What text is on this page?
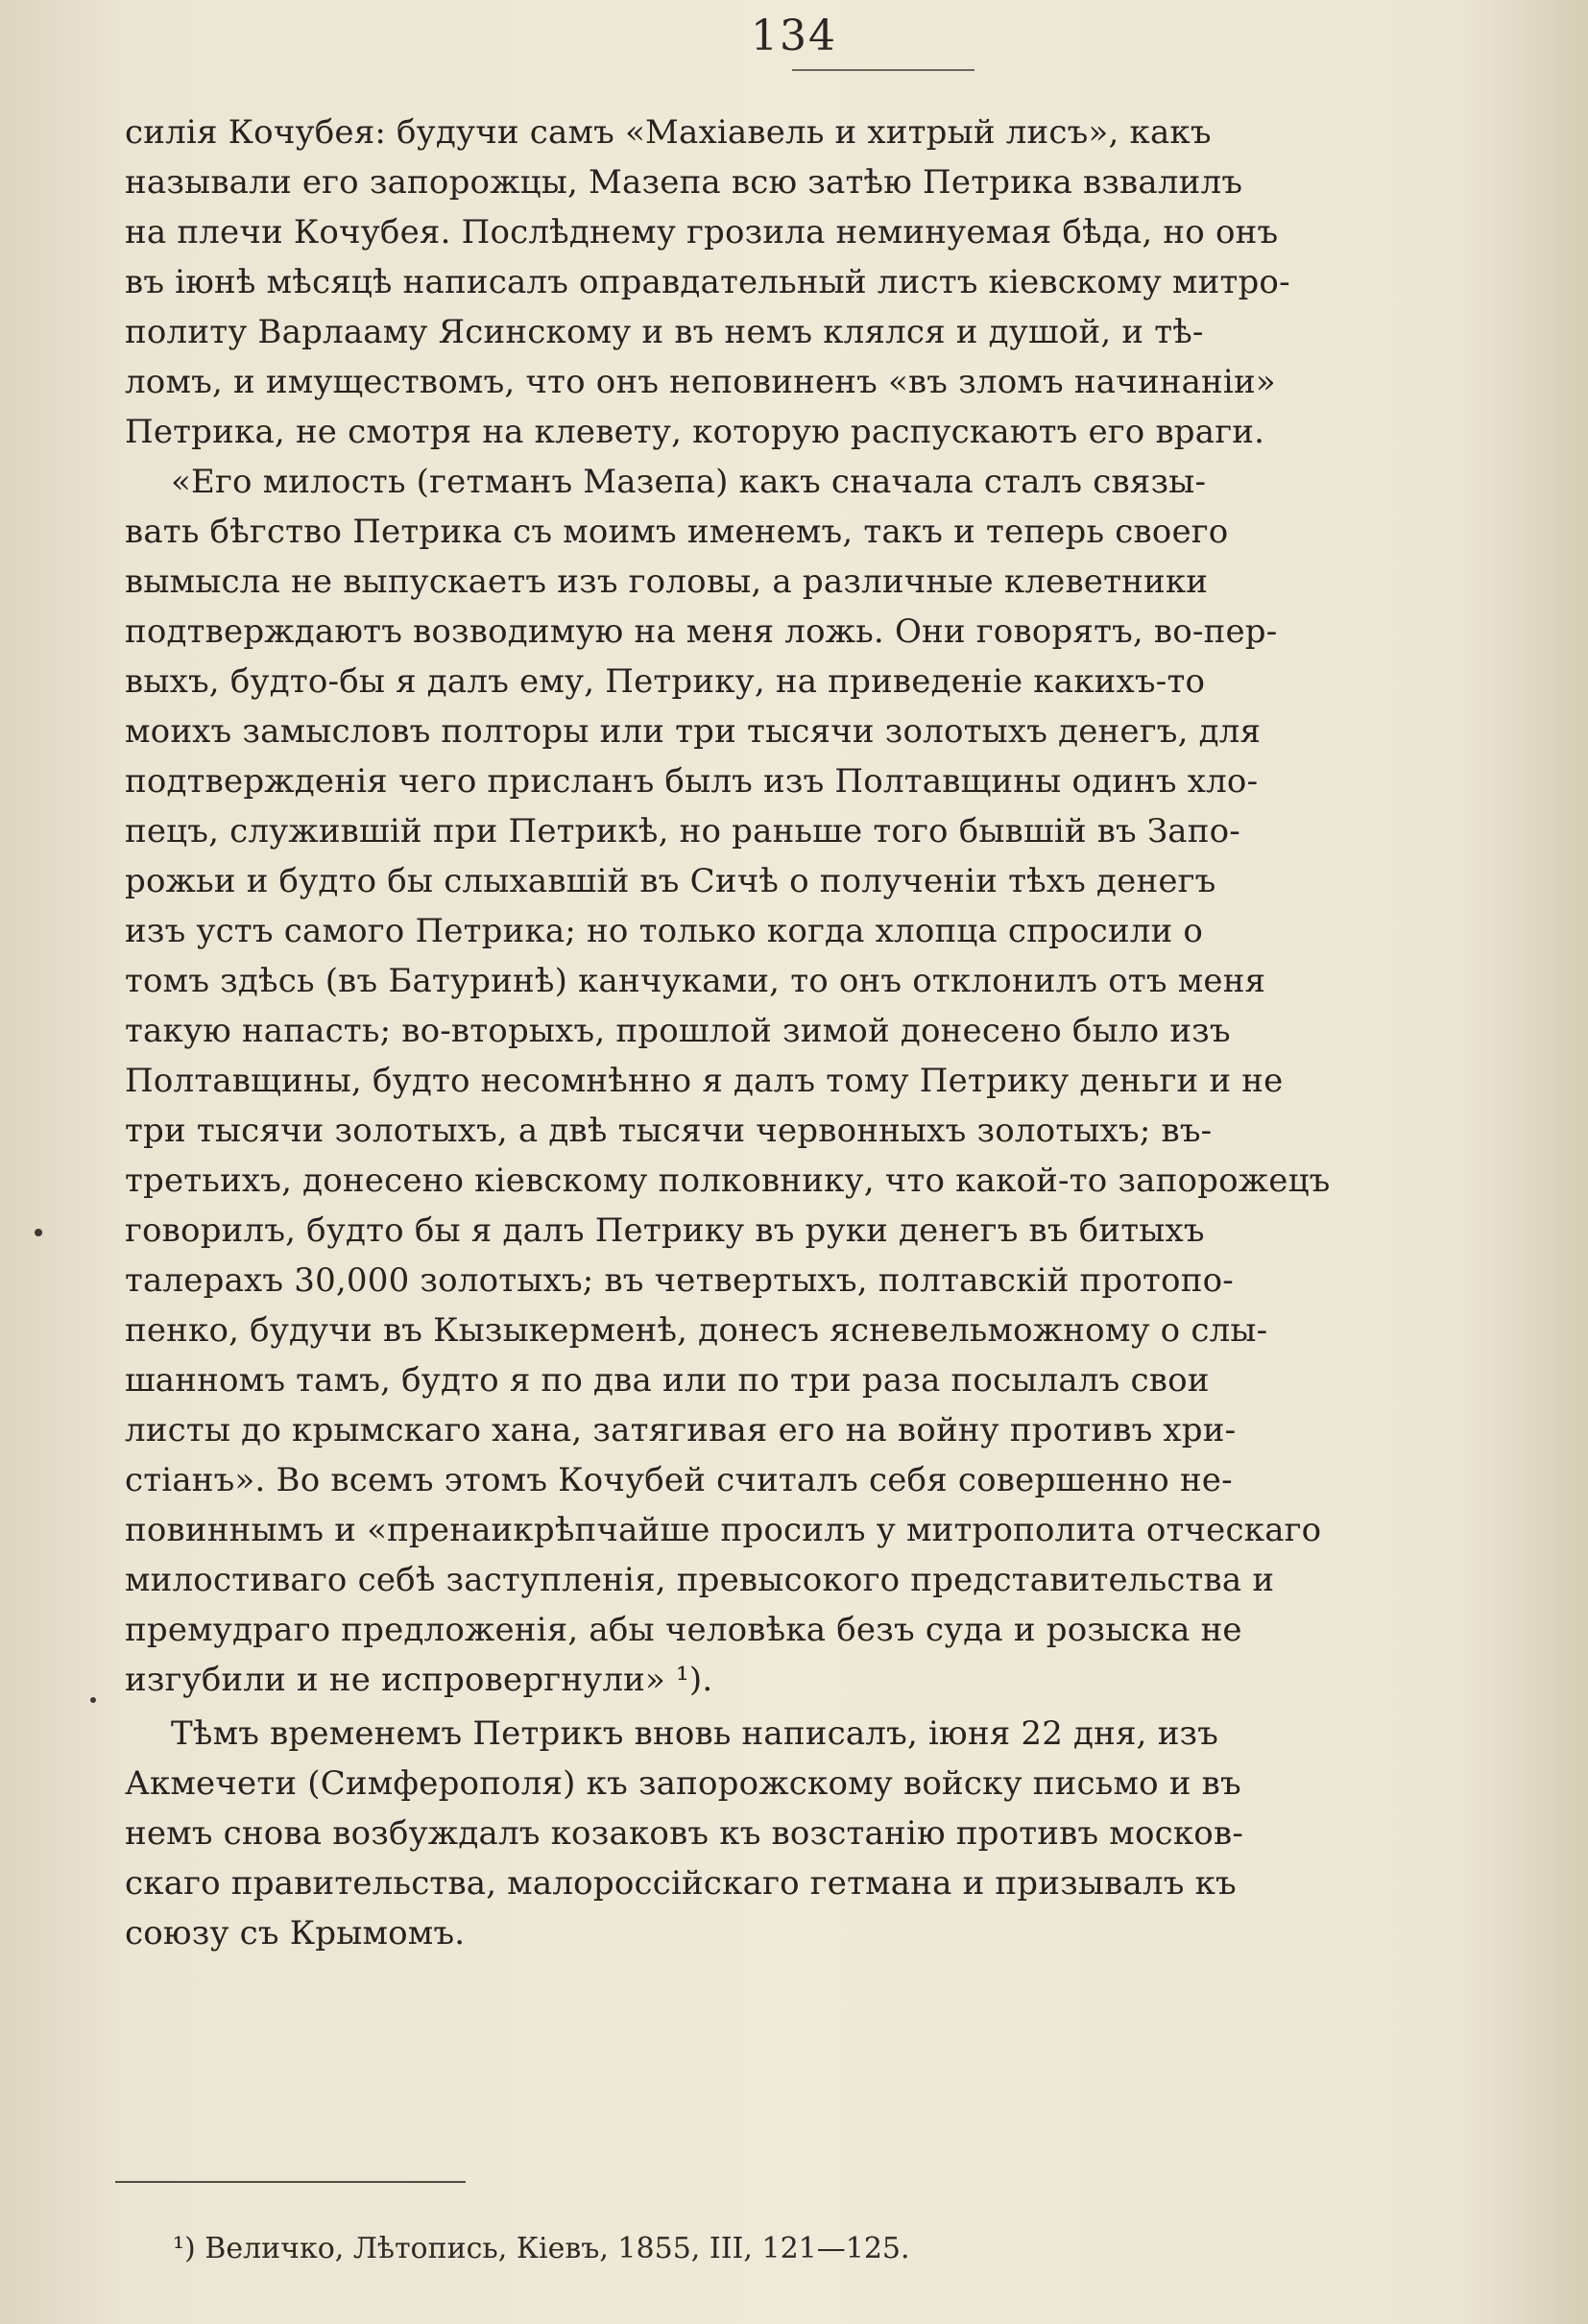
134
силія Кочубея: будучи самъ «Махіавель и хитрый лисъ», какъ
называли его запорожцы, Мазепа всю затѣю Петрика взвалилъ
на плечи Кочубея. Послѣднему грозила неминуемая бѣда, но онъ
въ іюнѣ мѣсяцѣ написалъ оправдательный листъ кіевскому митро-
политу Варлааму Ясинскому и въ немъ клялся и душой, и тѣ-
ломъ, и имуществомъ, что онъ неповиненъ «въ зломъ начинаніи»
Петрика, не смотря на клевету, которую распускаютъ его враги.
«Его милость (гетманъ Мазепа) какъ сначала сталъ связы-
вать бѣгство Петрика съ моимъ именемъ, такъ и теперь своего
вымысла не выпускаетъ изъ головы, а различные клеветники
подтверждаютъ возводимую на меня ложь. Они говорятъ, во-пер-
выхъ, будто-бы я далъ ему, Петрику, на приведеніе какихъ-то
моихъ замысловъ полторы или три тысячи золотыхъ денегъ, для
подтвержденія чего присланъ былъ изъ Полтавщины одинъ хло-
пецъ, служившій при Петрикѣ, но раньше того бывшій въ Запо-
рожьи и будто бы слыхавшій въ Сичѣ о полученіи тѣхъ денегъ
изъ устъ самого Петрика; но только когда хлопца спросили о
томъ здѣсь (въ Батуринѣ) канчуками, то онъ отклонилъ отъ меня
такую напасть; во-вторыхъ, прошлой зимой донесено было изъ
Полтавщины, будто несомнѣнно я далъ тому Петрику деньги и не
три тысячи золотыхъ, а двѣ тысячи червонныхъ золотыхъ; въ-
третьихъ, донесено кіевскому полковнику, что какой-то запорожецъ
говорилъ, будто бы я далъ Петрику въ руки денегъ въ битыхъ
талерахъ 30,000 золотыхъ; въ четвертыхъ, полтавскій протопо-
пенко, будучи въ Кызыкерменѣ, донесъ ясневельможному о слы-
шанномъ тамъ, будто я по два или по три раза посылалъ свои
листы до крымскаго хана, затягивая его на войну противъ хри-
стіанъ». Во всемъ этомъ Кочубей считалъ себя совершенно не-
повиннымъ и «пренаикрѣпчайше просилъ у митрополита отческаго
милостиваго себѣ заступленія, превысокого представительства и
премудраго предложенія, абы человѣка безъ суда и розыска не
изгубили и не испровергнули» ¹).
Тѣмъ временемъ Петрикъ вновь написалъ, іюня 22 дня, изъ
Акмечети (Симферополя) къ запорожскому войску письмо и въ
немъ снова возбуждалъ козаковъ къ возстанію противъ москов-
скаго правительства, малороссійскаго гетмана и призывалъ къ
союзу съ Крымомъ.
¹) Величко, Лѣтопись, Кіевъ, 1855, III, 121—125.
